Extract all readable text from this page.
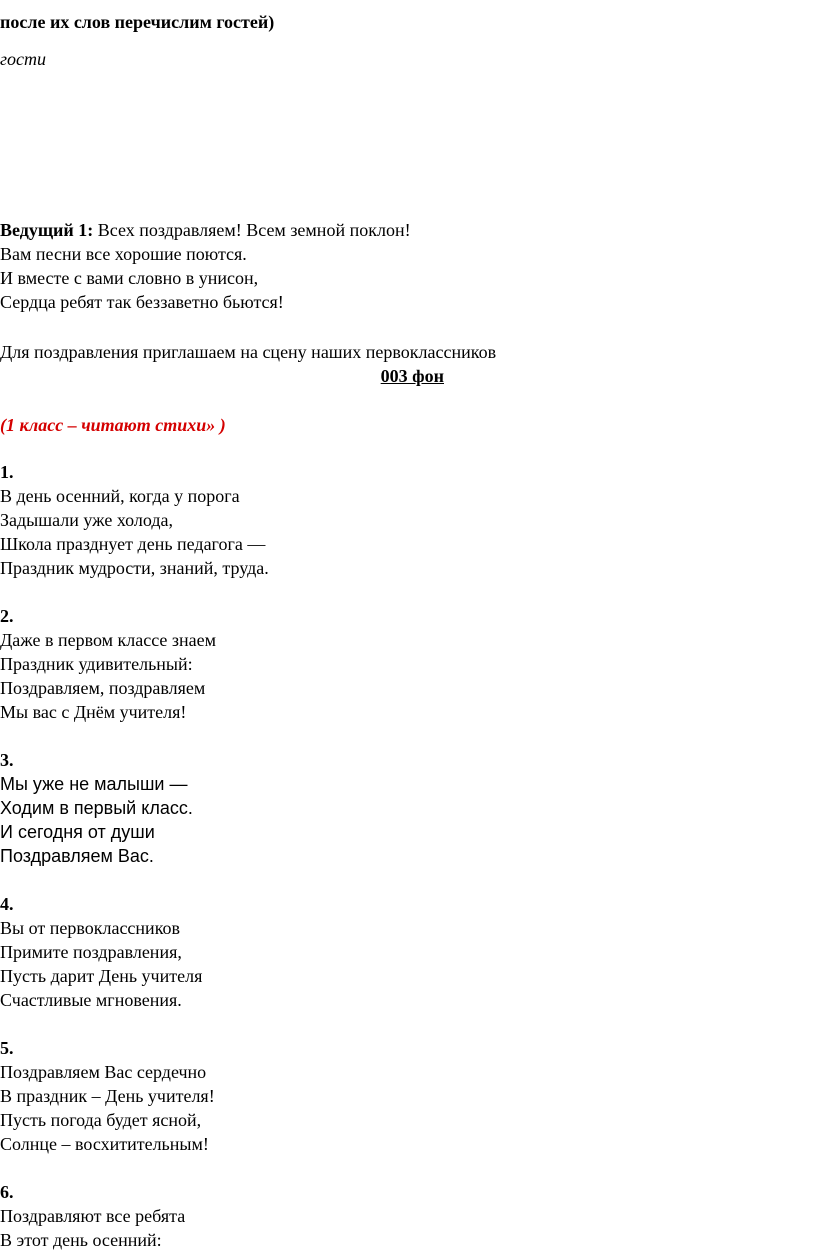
после их слов перечислим гостей)
гости
Ведущий 1: Всех поздравляем! Всем земной поклон!
Вам песни все хорошие поются.
И вместе с вами словно в унисон,
Сердца ребят так беззаветно бьются!
Для поздравления приглашаем на сцену наших первоклассников
003 фон
(1 класс – читают стихи» )
1.
В день осенний, когда у порога
Задышали уже холода,
Школа празднует день педагога —
Праздник мудрости, знаний, труда.
2.
Даже в первом классе знаем
Праздник удивительный:
Поздравляем, поздравляем
Мы вас с Днём учителя!
3.
Мы уже не малыши —
Ходим в первый класс.
И сегодня от души
Поздравляем Вас.
4.
Вы от первоклассников
Примите поздравления,
Пусть дарит День учителя
Счастливые мгновения.
5.
Поздравляем Вас сердечно
В праздник – День учителя!
Пусть погода будет ясной,
Солнце – восхитительным!
6.
Поздравляют все ребята
В этот день осенний:
